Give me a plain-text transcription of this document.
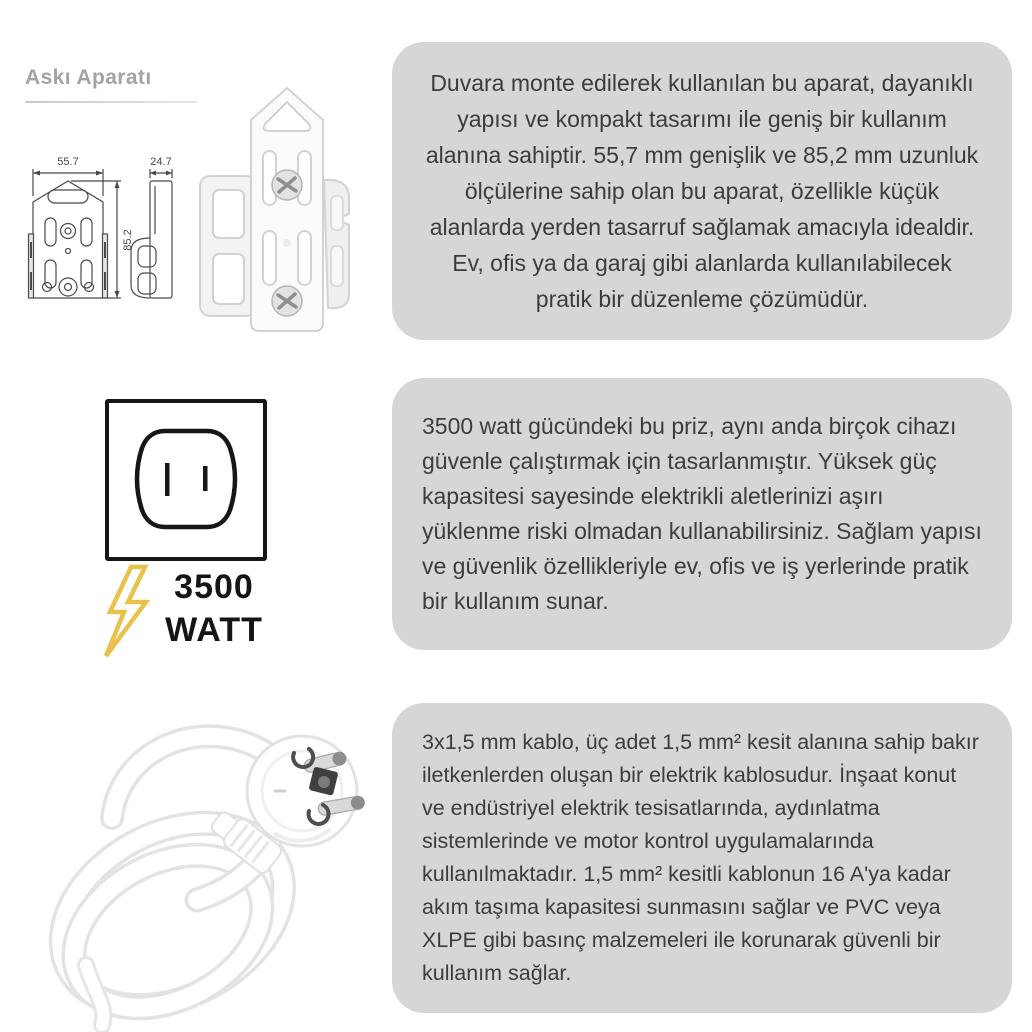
Askı Aparatı
55.7
85.2
24.7

Duvara monte edilerek kullanılan bu aparat, dayanıklı yapısı ve kompakt tasarımı ile geniş bir kullanım alanına sahiptir. 55,7 mm genişlik ve 85,2 mm uzunluk ölçülerine sahip olan bu aparat, özellikle küçük alanlarda yerden tasarruf sağlamak amacıyla idealdir. Ev, ofis ya da garaj gibi alanlarda kullanılabilecek pratik bir düzenleme çözümüdür.

3500
WATT

3500 watt gücündeki bu priz, aynı anda birçok cihazı güvenle çalıştırmak için tasarlanmıştır. Yüksek güç kapasitesi sayesinde elektrikli aletlerinizi aşırı yüklenme riski olmadan kullanabilirsiniz. Sağlam yapısı ve güvenlik özellikleriyle ev, ofis ve iş yerlerinde pratik bir kullanım sunar.

3x1,5 mm kablo, üç adet 1,5 mm² kesit alanına sahip bakır iletkenlerden oluşan bir elektrik kablosudur. İnşaat konut ve endüstriyel elektrik tesisatlarında, aydınlatma sistemlerinde ve motor kontrol uygulamalarında kullanılmaktadır. 1,5 mm² kesitli kablonun 16 A'ya kadar akım taşıma kapasitesi sunmasını sağlar ve PVC veya XLPE gibi basınç malzemeleri ile korunarak güvenli bir kullanım sağlar.
